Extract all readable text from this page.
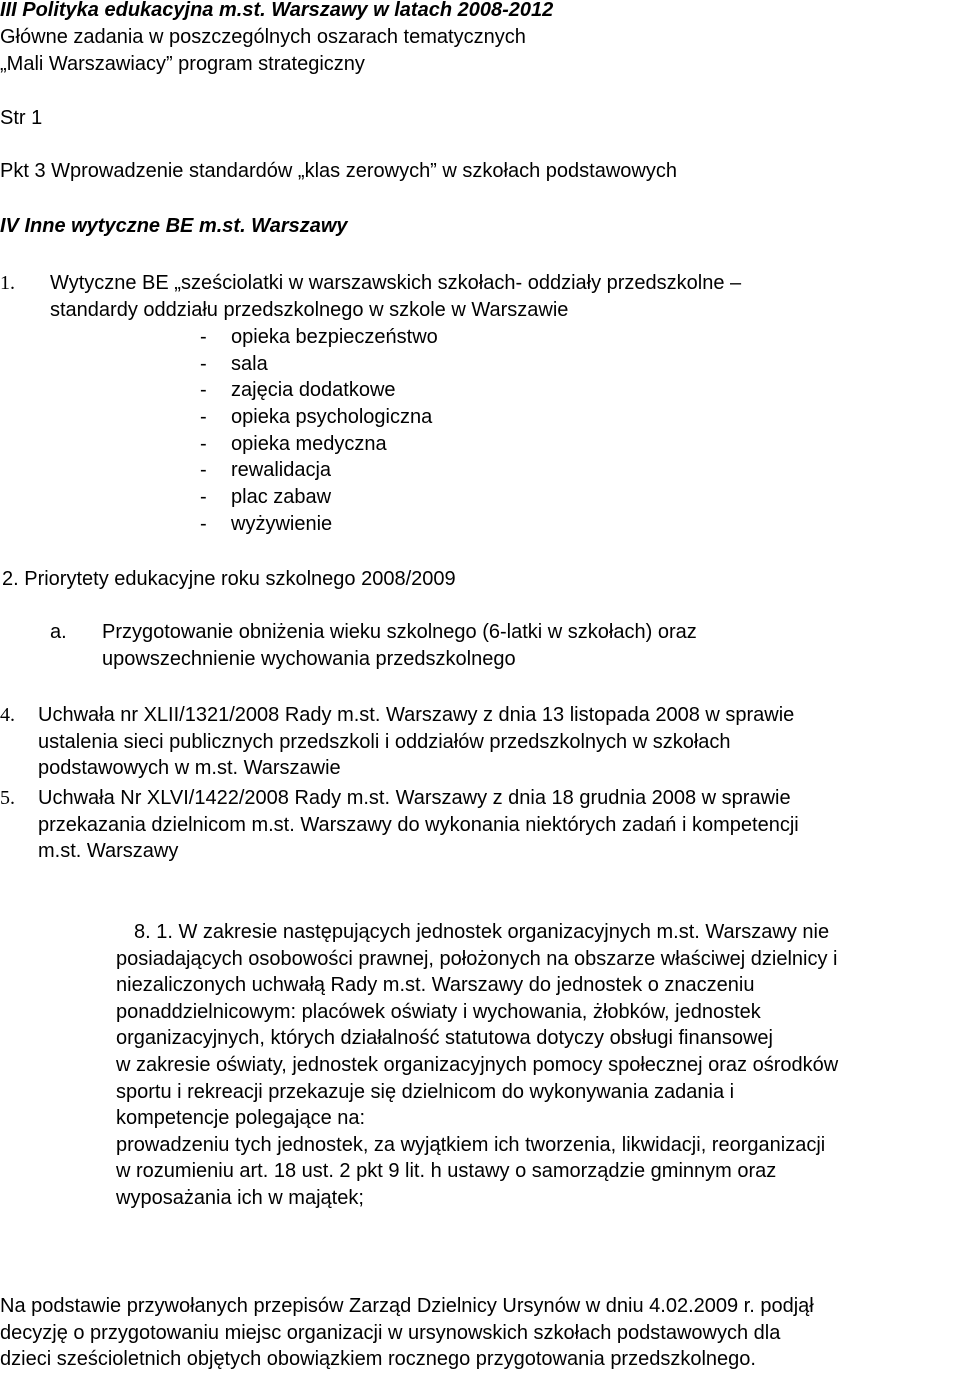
III Polityka edukacyjna m.st. Warszawy w latach 2008-2012
Główne zadania w poszczególnych oszarach tematycznych
„Mali Warszawiacy” program strategiczny
Str 1
Pkt 3 Wprowadzenie standardów „klas zerowych” w szkołach podstawowych
IV Inne wytyczne BE m.st. Warszawy
1. Wytyczne BE „sześciolatki w warszawskich szkołach- oddziały przedszkolne –
standardy oddziału przedszkolnego w szkole w Warszawie
- opieka bezpieczeństwo
- sala
- zajęcia dodatkowe
- opieka psychologiczna
- opieka medyczna
- rewalidacja
- plac zabaw
- wyżywienie
2. Priorytety edukacyjne roku szkolnego 2008/2009
a. Przygotowanie obniżenia wieku szkolnego (6-latki w szkołach) oraz
upowszechnienie wychowania przedszkolnego
4. Uchwała nr XLII/1321/2008 Rady m.st. Warszawy z dnia 13 listopada 2008 w sprawie
ustalenia sieci publicznych przedszkoli i oddziałów przedszkolnych w szkołach
podstawowych w m.st. Warszawie
5. Uchwała Nr XLVI/1422/2008 Rady m.st. Warszawy z dnia 18 grudnia 2008 w sprawie
przekazania dzielnicom m.st. Warszawy do wykonania niektórych zadań i kompetencji
m.st. Warszawy
8. 1. W zakresie następujących jednostek organizacyjnych m.st. Warszawy nie
posiadających osobowości prawnej, położonych na obszarze właściwej dzielnicy i
niezaliczonych uchwałą Rady m.st. Warszawy do jednostek o znaczeniu
ponaddzielnicowym: placówek oświaty i wychowania, żłobków, jednostek
organizacyjnych, których działalność statutowa dotyczy obsługi finansowej
w zakresie oświaty, jednostek organizacyjnych pomocy społecznej oraz ośrodków
sportu i rekreacji przekazuje się dzielnicom do wykonywania zadania i
kompetencje polegające na:
prowadzeniu tych jednostek, za wyjątkiem ich tworzenia, likwidacji, reorganizacji
w rozumieniu art. 18 ust. 2 pkt 9 lit. h ustawy o samorządzie gminnym oraz
wyposażania ich w majątek;
Na podstawie przywołanych przepisów Zarząd Dzielnicy Ursynów w dniu 4.02.2009 r. podjął
decyzję o przygotowaniu miejsc organizacji w ursynowskich szkołach podstawowych dla
dzieci sześcioletnich objętych obowiązkiem rocznego przygotowania przedszkolnego.
